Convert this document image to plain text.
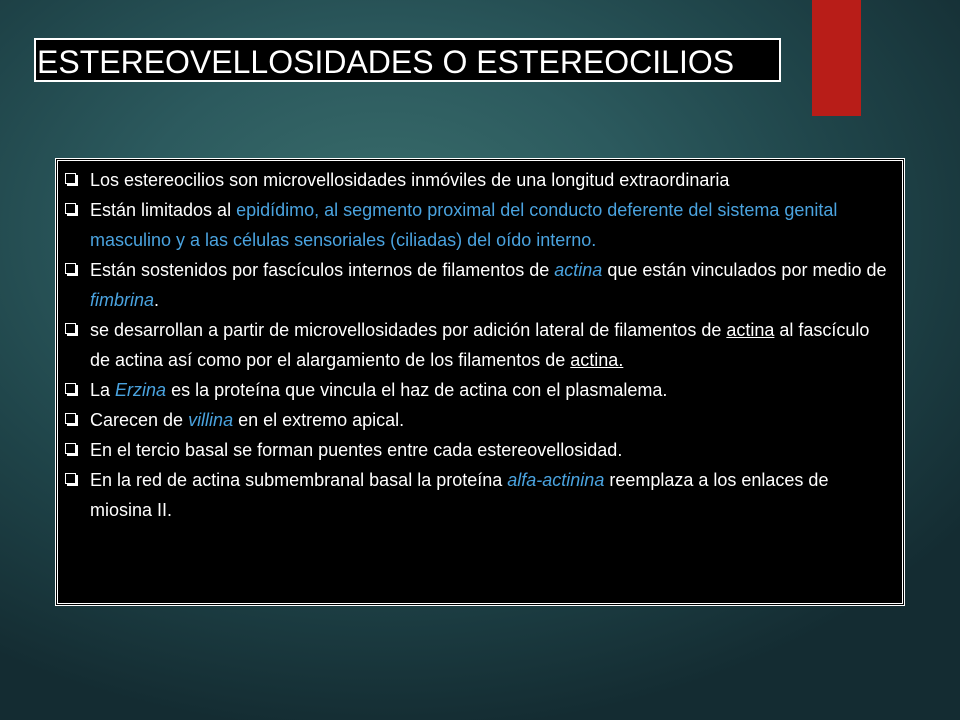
ESTEREOVELLOSIDADES O ESTEREOCILIOS
Los estereocilios son microvellosidades inmóviles de una longitud extraordinaria
Están limitados al epidídimo, al segmento proximal del conducto deferente del sistema genital masculino y a las células sensoriales (ciliadas) del oído interno.
Están sostenidos por fascículos internos de filamentos de actina que están vinculados por medio de fimbrina.
se desarrollan a partir de microvellosidades por adición lateral de filamentos de actina al fascículo de actina así como por el alargamiento de los filamentos de actina.
La Erzina es la proteína que vincula el haz de actina con el plasmalema.
Carecen de villina en el extremo apical.
En el tercio basal se forman puentes entre cada estereovellosidad.
En la red de actina submembranal basal la proteína alfa-actinina reemplaza a los enlaces de miosina II.
